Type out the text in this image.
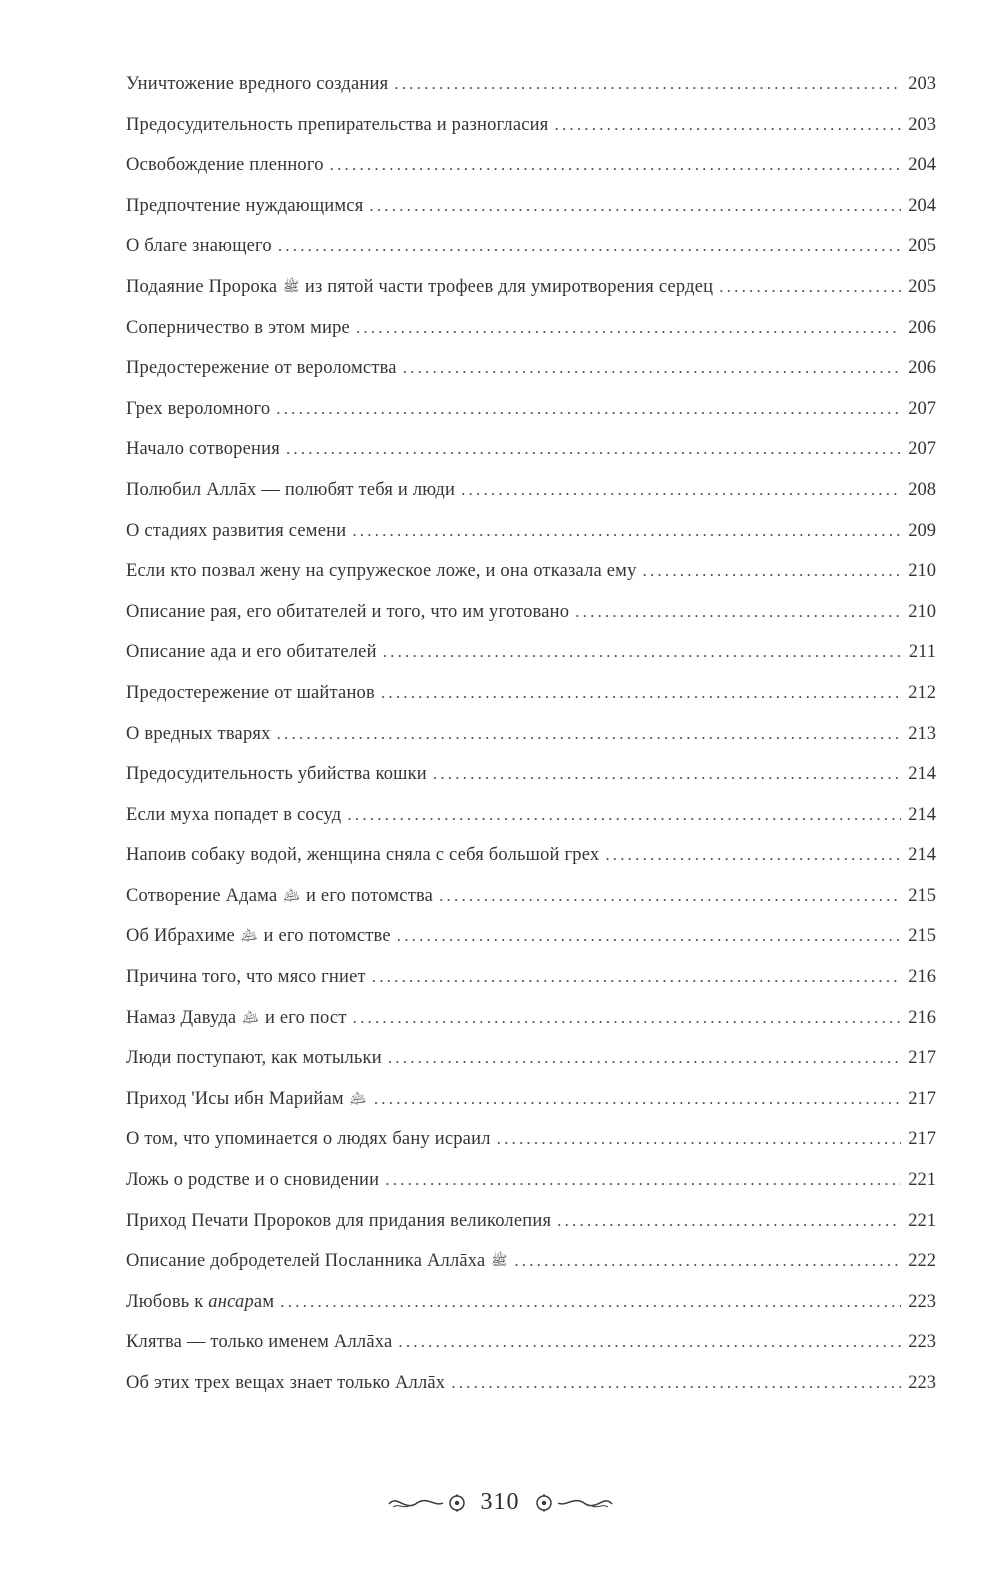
Уничтожение вредного создания .....	203
Предосудительность препирательства и разногласия .....	203
Освобождение пленного .....	204
Предпочтение нуждающимся .....	204
О благе знающего .....	205
Подаяние Пророка ﷺ из пятой части трофеев для умиротворения сердец .....	205
Соперничество в этом мире .....	206
Предостережение от вероломства .....	206
Грех вероломного .....	207
Начало сотворения .....	207
Полюбил Аллāх — полюбят тебя и люди .....	208
О стадиях развития семени .....	209
Если кто позвал жену на супружеское ложе, и она отказала ему .....	210
Описание рая, его обитателей и того, что им уготовано .....	210
Описание ада и его обитателей .....	211
Предостережение от шайтанов .....	212
О вредных тварях .....	213
Предосудительность убийства кошки .....	214
Если муха попадет в сосуд .....	214
Напоив собаку водой, женщина сняла с себя большой грех .....	214
Сотворение Адама ﵇ и его потомства .....	215
Об Ибрахиме ﵇ и его потомстве .....	215
Причина того, что мясо гниет .....	216
Намаз Давуда ﵇ и его пост .....	216
Люди поступают, как мотыльки .....	217
Приход 'Исы ибн Марийам ﵇ .....	217
О том, что упоминается о людях бану исраил .....	217
Ложь о родстве и о сновидении .....	221
Приход Печати Пророков для придания великолепия .....	221
Описание добродетелей Посланника Аллāха ﷺ .....	222
Любовь к ансарам .....	223
Клятва — только именем Аллāха .....	223
Об этих трех вещах знает только Аллāх .....	223
310
